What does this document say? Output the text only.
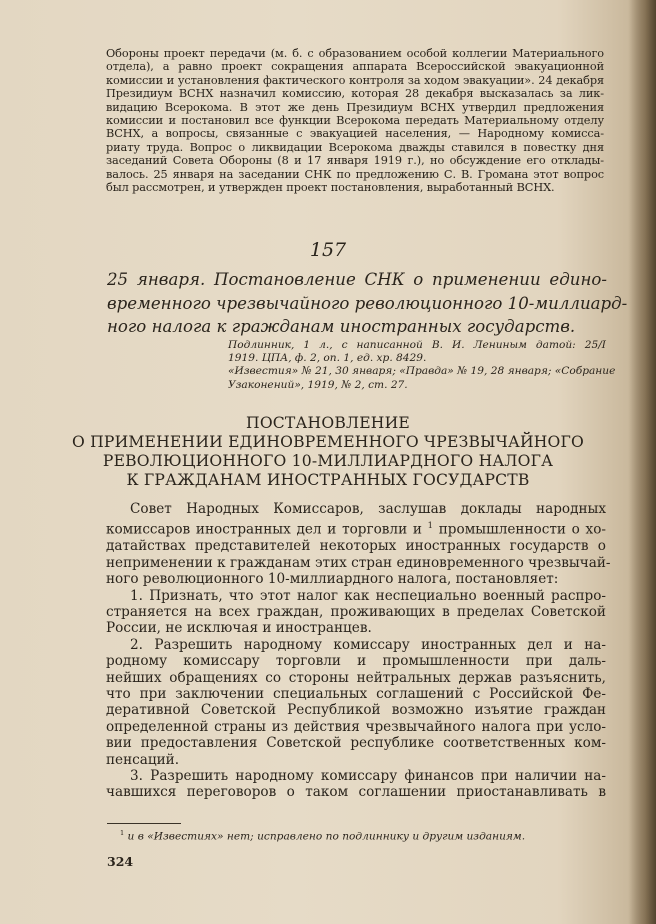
Обороны проект передачи (м. б. с образованием особой коллегии Материального
отдела), а равно проект сокращения аппарата Всероссийской эвакуационной
комиссии и установления фактического контроля за ходом эвакуации». 24 декабря
Президиум ВСНХ назначил комиссию, которая 28 декабря высказалась за лик-
видацию Всерокома. В этот же день Президиум ВСНХ утвердил предложения
комиссии и постановил все функции Всерокома передать Материальному отделу
ВСНХ, а вопросы, связанные с эвакуацией населения, — Народному комисса-
риату труда. Вопрос о ликвидации Всерокома дважды ставился в повестку дня
заседаний Совета Обороны (8 и 17 января 1919 г.), но обсуждение его отклады-
валось. 25 января на заседании СНК по предложению С. В. Громана этот вопрос
был рассмотрен, и утвержден проект постановления, выработанный ВСНХ.
157
25 января. Постановление СНК о применении едино-
временного чрезвычайного революционного 10-миллиард-
ного налога к гражданам иностранных государств.
Подлинник, 1 л., с написанной В. И. Лениным датой: 25/I
1919. ЦПА, ф. 2, оп. 1, ед. хр. 8429.
«Известия» № 21, 30 января; «Правда» № 19, 28 января; «Собрание
Узаконений», 1919, № 2, ст. 27.
ПОСТАНОВЛЕНИЕ
О ПРИМЕНЕНИИ ЕДИНОВРЕМЕННОГО ЧРЕЗВЫЧАЙНОГО
РЕВОЛЮЦИОННОГО 10-МИЛЛИАРДНОГО НАЛОГА
К ГРАЖДАНАМ ИНОСТРАННЫХ ГОСУДАРСТВ
Совет Народных Комиссаров, заслушав доклады народных
комиссаров иностранных дел и торговли и $^1$ промышленности о хо-
датайствах представителей некоторых иностранных государств о
неприменении к гражданам этих стран единовременного чрезвычай-
ного революционного 10-миллиардного налога, постановляет:
1. Признать, что этот налог как неспециально военный распро-
страняется на всех граждан, проживающих в пределах Советской
России, не исключая и иностранцев.
2. Разрешить народному комиссару иностранных дел и на-
родному комиссару торговли и промышленности при даль-
нейших обращениях со стороны нейтральных держав разъяснить,
что при заключении специальных соглашений с Российской Фе-
деративной Советской Республикой возможно изъятие граждан
определенной страны из действия чрезвычайного налога при усло-
вии предоставления Советской республике соответственных ком-
пенсаций.
3. Разрешить народному комиссару финансов при наличии на-
чавшихся переговоров о таком соглашении приостанавливать в
$^1$ и в «Известиях» нет; исправлено по подлиннику и другим изданиям.
324
